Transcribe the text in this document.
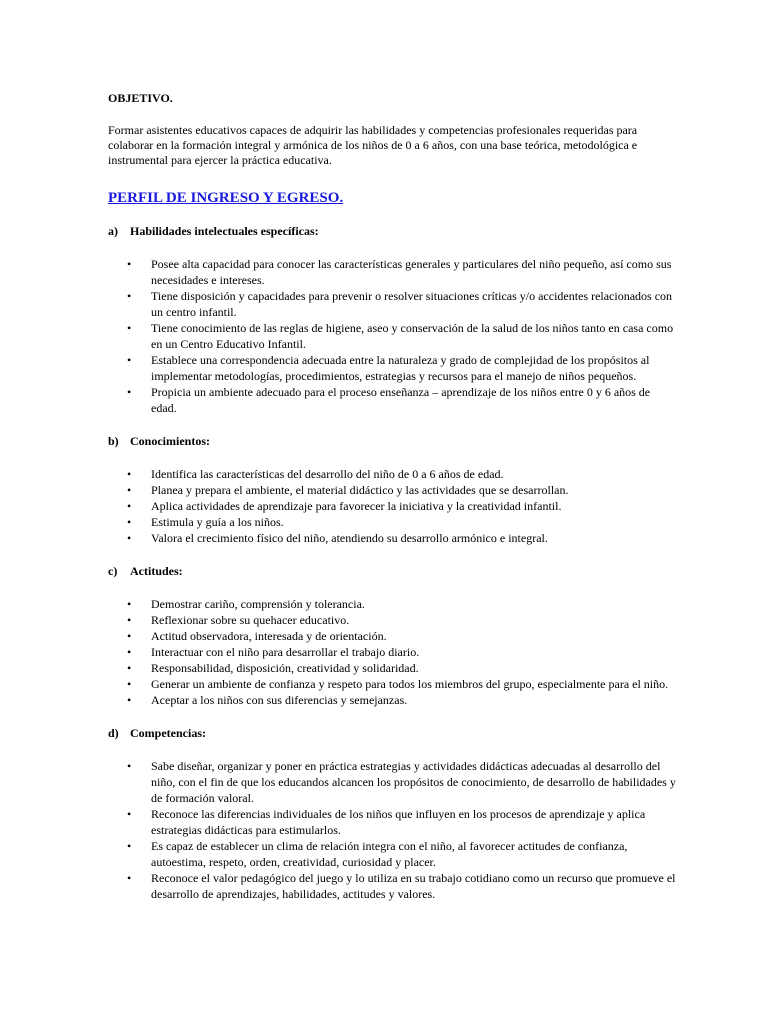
OBJETIVO.

Formar asistentes educativos capaces de adquirir las habilidades y competencias profesionales requeridas para colaborar en la formación integral y armónica de los niños de 0 a 6 años, con una base teórica, metodológica e instrumental para ejercer la práctica educativa.

PERFIL DE INGRESO Y EGRESO.

a)	Habilidades intelectuales específicas:
• Posee alta capacidad para conocer las características generales y particulares del niño pequeño, así como sus necesidades e intereses.
• Tiene disposición y capacidades para prevenir o resolver situaciones críticas y/o accidentes relacionados con un centro infantil.
• Tiene conocimiento de las reglas de higiene, aseo y conservación de la salud de los niños tanto en casa como en un Centro Educativo Infantil.
• Establece una correspondencia adecuada entre la naturaleza y grado de complejidad de los propósitos al implementar metodologías, procedimientos, estrategias y recursos para el manejo de niños pequeños.
• Propicia un ambiente adecuado para el proceso enseñanza – aprendizaje de los niños entre 0 y 6 años de edad.
b) Conocimientos:
• Identifica las características del desarrollo del niño de 0 a 6 años de edad.
• Planea y prepara el ambiente, el material didáctico y las actividades que se desarrollan.
• Aplica actividades de aprendizaje para favorecer la iniciativa y la creatividad infantil.
• Estimula y guía a los niños.
• Valora el crecimiento físico del niño, atendiendo su desarrollo armónico e integral.
c)	Actitudes:
• Demostrar cariño, comprensión y tolerancia.
• Reflexionar sobre su quehacer educativo.
• Actitud observadora, interesada y de orientación.
• Interactuar con el niño para desarrollar el trabajo diario.
• Responsabilidad, disposición, creatividad y solidaridad.
• Generar un ambiente de confianza y respeto para todos los miembros del grupo, especialmente para el niño.
• Aceptar a los niños con sus diferencias y semejanzas.
d) Competencias:
• Sabe diseñar, organizar y poner en práctica estrategias y actividades didácticas adecuadas al desarrollo del niño, con el fin de que los educandos alcancen los propósitos de conocimiento, de desarrollo de habilidades y de formación valoral.
• Reconoce las diferencias individuales de los niños que influyen en los procesos de aprendizaje y aplica estrategias didácticas para estimularlos.
• Es capaz de establecer un clima de relación integra con el niño, al favorecer actitudes de confianza, autoestima, respeto, orden, creatividad, curiosidad y placer.
• Reconoce el valor pedagógico del juego y lo utiliza en su trabajo cotidiano como un recurso que promueve el desarrollo de aprendizajes, habilidades, actitudes y valores.
